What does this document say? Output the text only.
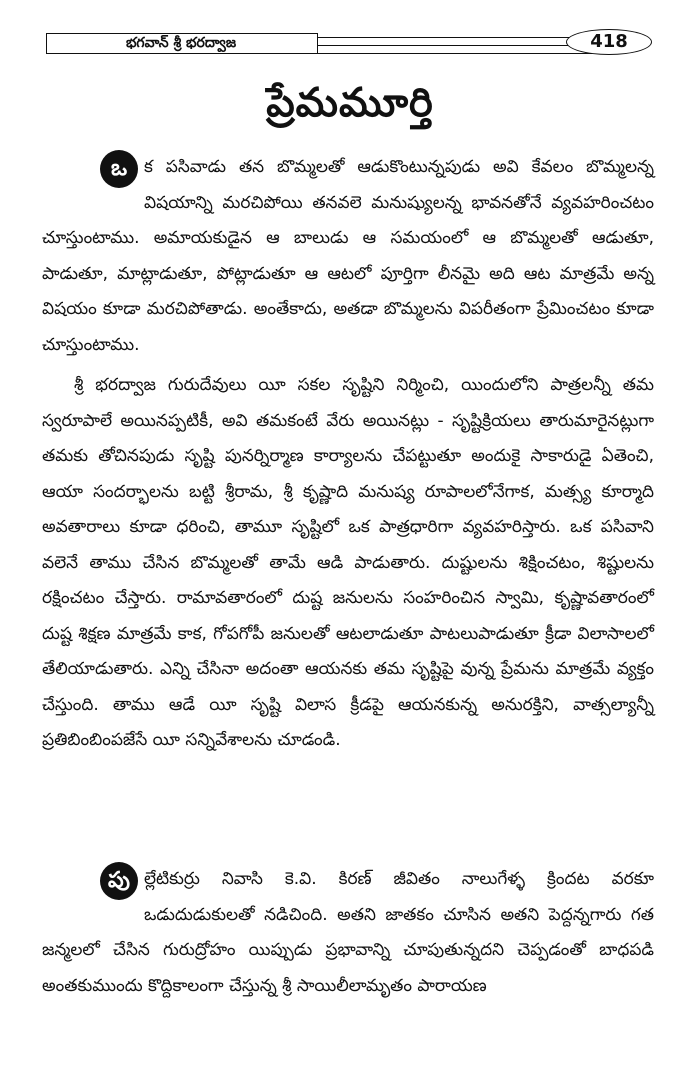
భగవాన్ శ్రీ భరద్వాజ	418
ప్రేమమూర్తి

ఒ క పసివాడు తన బొమ్మలతో ఆడుకొంటున్నపుడు అవి కేవలం బొమ్మలన్న విషయాన్ని మరచిపోయి తనవలె మనుష్యులన్న భావనతోనే వ్యవహరించటం చూస్తుంటాము. అమాయకుడైన ఆ బాలుడు ఆ సమయంలో ఆ బొమ్మలతో ఆడుతూ, పాడుతూ, మాట్లాడుతూ, పోట్లాడుతూ ఆ ఆటలో పూర్తిగా లీనమై అది ఆట మాత్రమే అన్న విషయం కూడా మరచిపోతాడు. అంతేకాదు, అతడా బొమ్మలను విపరీతంగా ప్రేమించటం కూడా చూస్తుంటాము.

శ్రీ భరద్వాజ గురుదేవులు యీ సకల సృష్టిని నిర్మించి, యిందులోని పాత్రలన్నీ తమ స్వరూపాలే అయినప్పటికీ, అవి తమకంటే వేరు అయినట్లు - సృష్టిక్రియలు తారుమారైనట్లుగా తమకు తోచినపుడు సృష్టి పునర్నిర్మాణ కార్యాలను చేపట్టుతూ అందుకై సాకారుడై ఏతెంచి, ఆయా సందర్భాలను బట్టి శ్రీరామ, శ్రీ కృష్ణాది మనుష్య రూపాలలోనేగాక, మత్స్య కూర్మాది అవతారాలు కూడా ధరించి, తామూ సృష్టిలో ఒక పాత్రధారిగా వ్యవహరిస్తారు. ఒక పసివాని వలెనే తాము చేసిన బొమ్మలతో తామే ఆడి పాడుతారు. దుష్టులను శిక్షించటం, శిష్టులను రక్షించటం చేస్తారు. రామావతారంలో దుష్ట జనులను సంహరించిన స్వామి, కృష్ణావతారంలో దుష్ట శిక్షణ మాత్రమే కాక, గోపగోపీ జనులతో ఆటలాడుతూ పాటలుపాడుతూ క్రీడా విలాసాలలో తేలియాడుతారు. ఎన్ని చేసినా అదంతా ఆయనకు తమ సృష్టిపై వున్న ప్రేమను మాత్రమే వ్యక్తం చేస్తుంది. తాము ఆడే యీ సృష్టి విలాస క్రీడపై ఆయనకున్న అనురక్తిని, వాత్సల్యాన్నీ ప్రతిబింబింపజేసే యీ సన్నివేశాలను చూడండి.

పు ల్లేటికుర్రు నివాసి కె.వి. కిరణ్ జీవితం నాలుగేళ్ళ క్రిందట వరకూ ఒడుదుడుకులతో నడిచింది. అతని జాతకం చూసిన అతని పెద్దన్నగారు గత జన్మలలో చేసిన గురుద్రోహం యిప్పుడు ప్రభావాన్ని చూపుతున్నదని చెప్పడంతో బాధపడి అంతకుముందు కొద్దికాలంగా చేస్తున్న శ్రీ సాయిలీలామృతం పారాయణ
